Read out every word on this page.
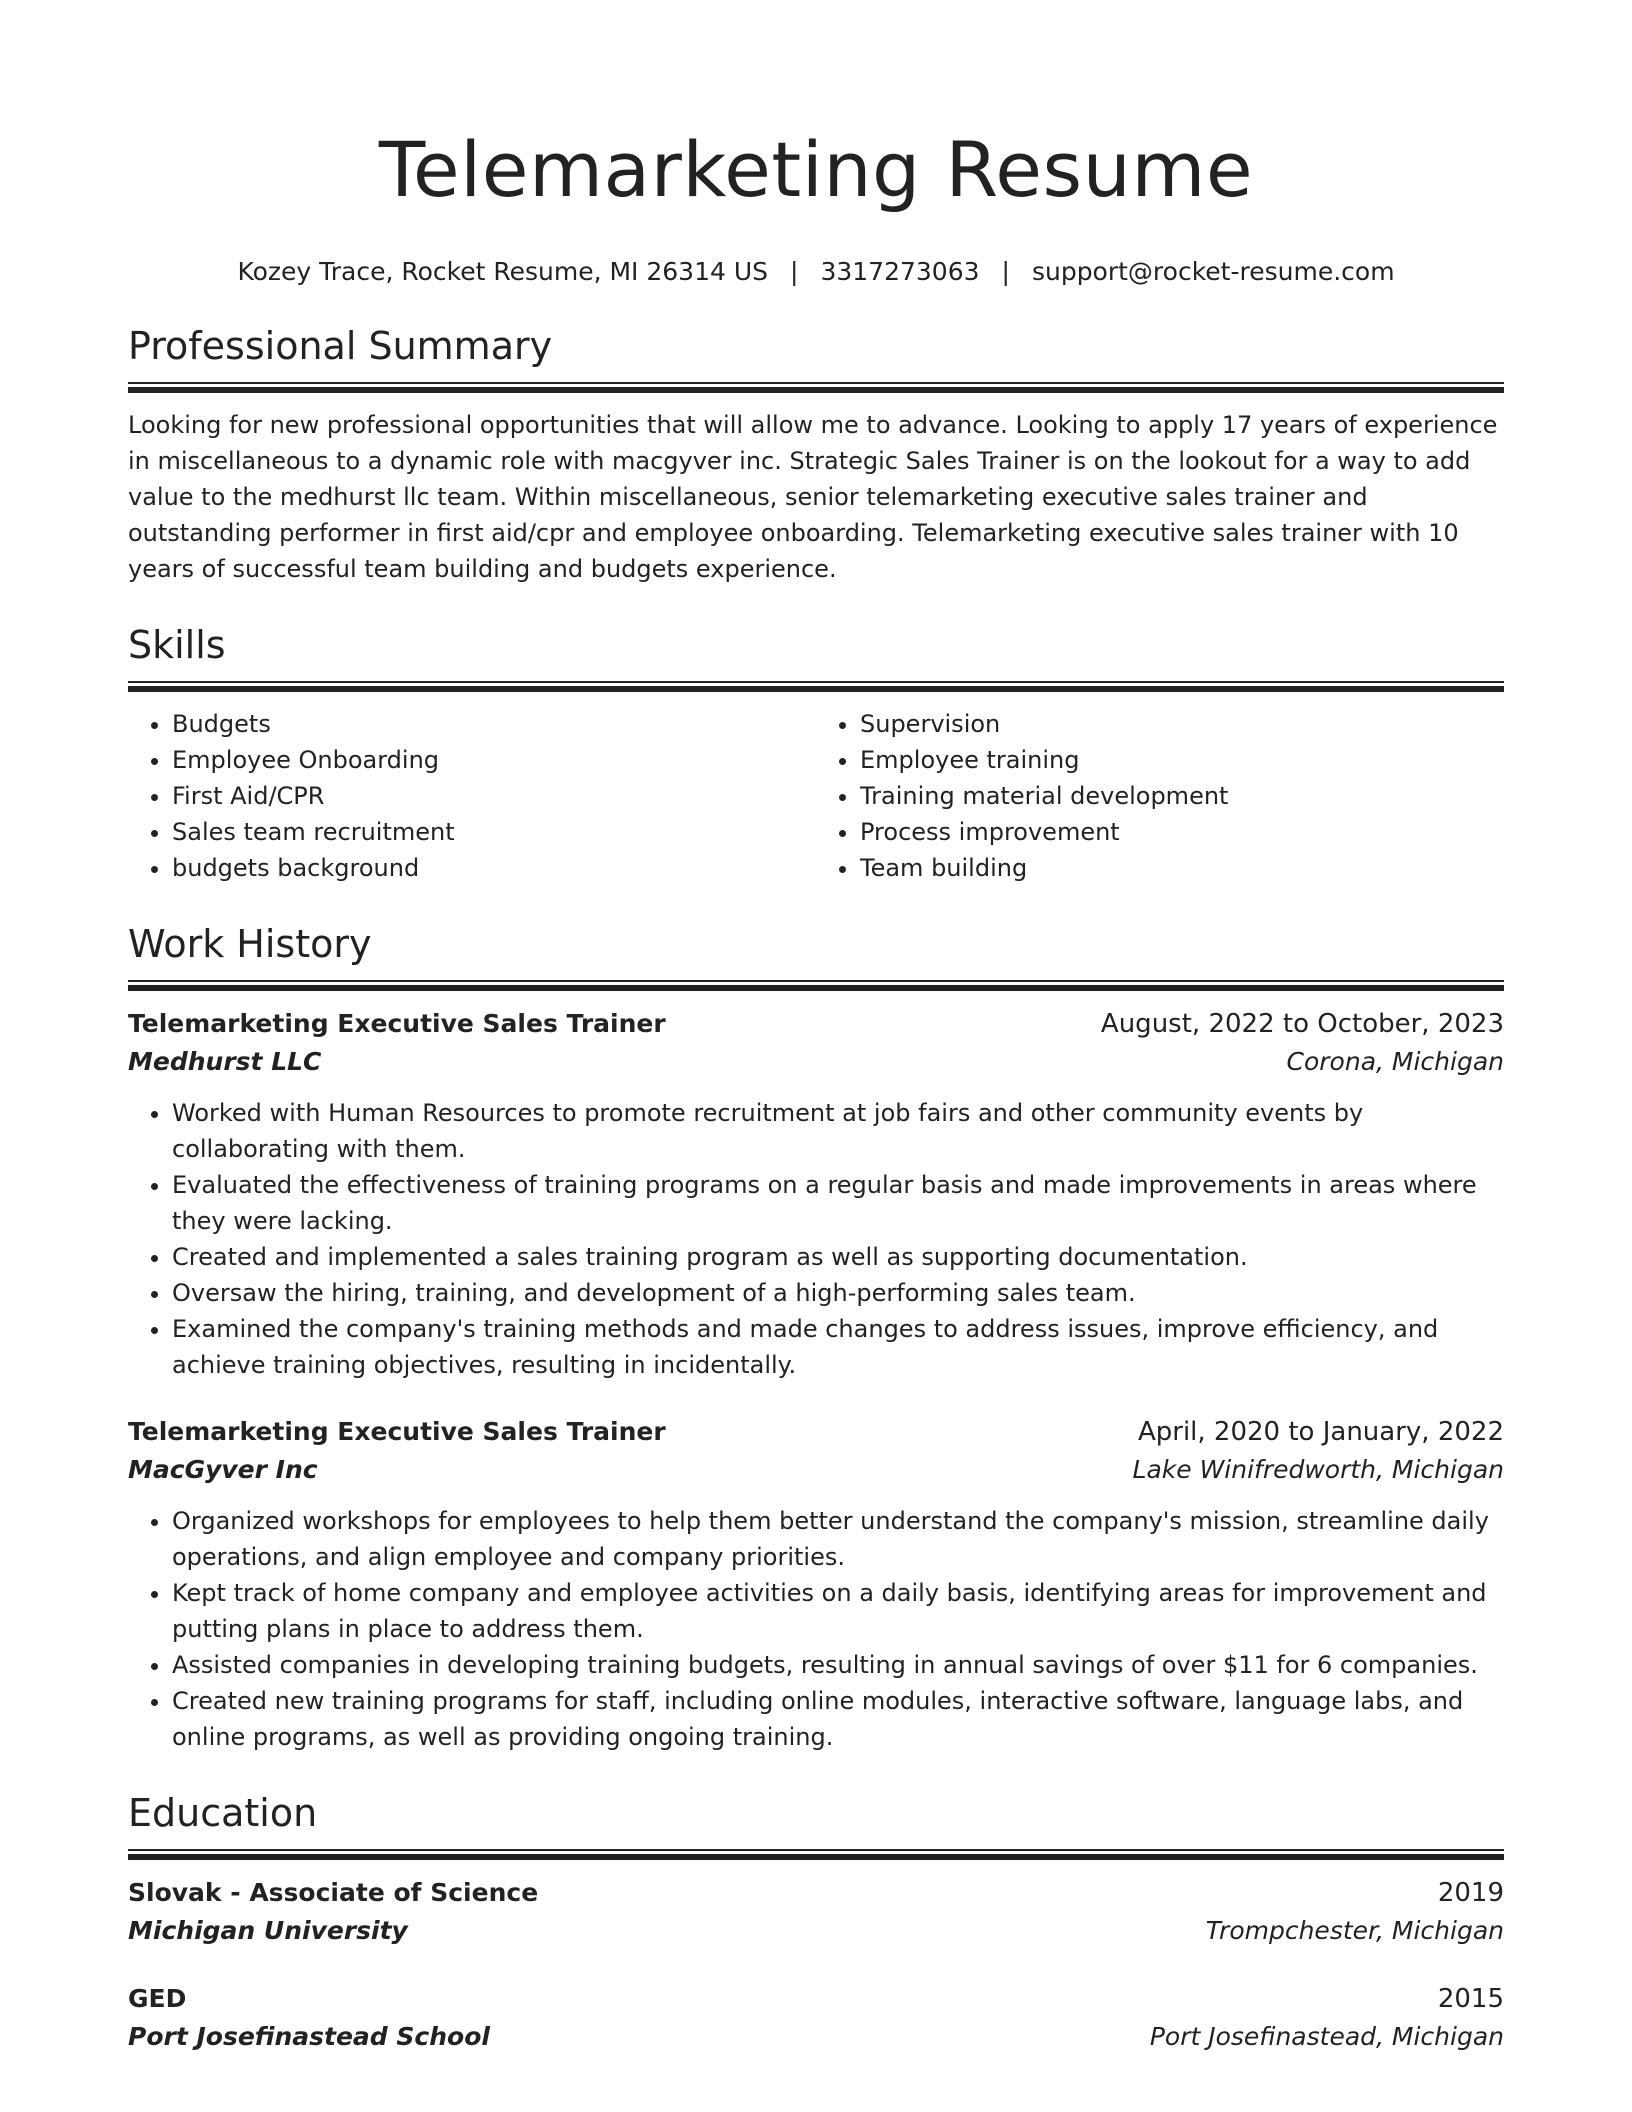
Telemarketing Resume
Kozey Trace, Rocket Resume, MI 26314 US | 3317273063 | support@rocket-resume.com
Professional Summary

Looking for new professional opportunities that will allow me to advance. Looking to apply 17 years of experience in miscellaneous to a dynamic role with macgyver inc. Strategic Sales Trainer is on the lookout for a way to add value to the medhurst llc team. Within miscellaneous, senior telemarketing executive sales trainer and outstanding performer in first aid/cpr and employee onboarding. Telemarketing executive sales trainer with 10 years of successful team building and budgets experience.

Skills
• Budgets
• Employee Onboarding
• First Aid/CPR
• Sales team recruitment
• budgets background
• Supervision
• Employee training
• Training material development
• Process improvement
• Team building
Work History
Telemarketing Executive Sales Trainer	August, 2022 to October, 2023
Medhurst LLC	Corona, Michigan
• Worked with Human Resources to promote recruitment at job fairs and other community events by collaborating with them.
• Evaluated the effectiveness of training programs on a regular basis and made improvements in areas where they were lacking.
• Created and implemented a sales training program as well as supporting documentation.
• Oversaw the hiring, training, and development of a high-performing sales team.
• Examined the company's training methods and made changes to address issues, improve efficiency, and achieve training objectives, resulting in incidentally.
Telemarketing Executive Sales Trainer	April, 2020 to January, 2022
MacGyver Inc	Lake Winifredworth, Michigan
• Organized workshops for employees to help them better understand the company's mission, streamline daily operations, and align employee and company priorities.
• Kept track of home company and employee activities on a daily basis, identifying areas for improvement and putting plans in place to address them.
• Assisted companies in developing training budgets, resulting in annual savings of over $11 for 6 companies.
• Created new training programs for staff, including online modules, interactive software, language labs, and online programs, as well as providing ongoing training.
Education
Slovak - Associate of Science	2019
Michigan University	Trompchester, Michigan
GED	2015
Port Josefinastead School	Port Josefinastead, Michigan
